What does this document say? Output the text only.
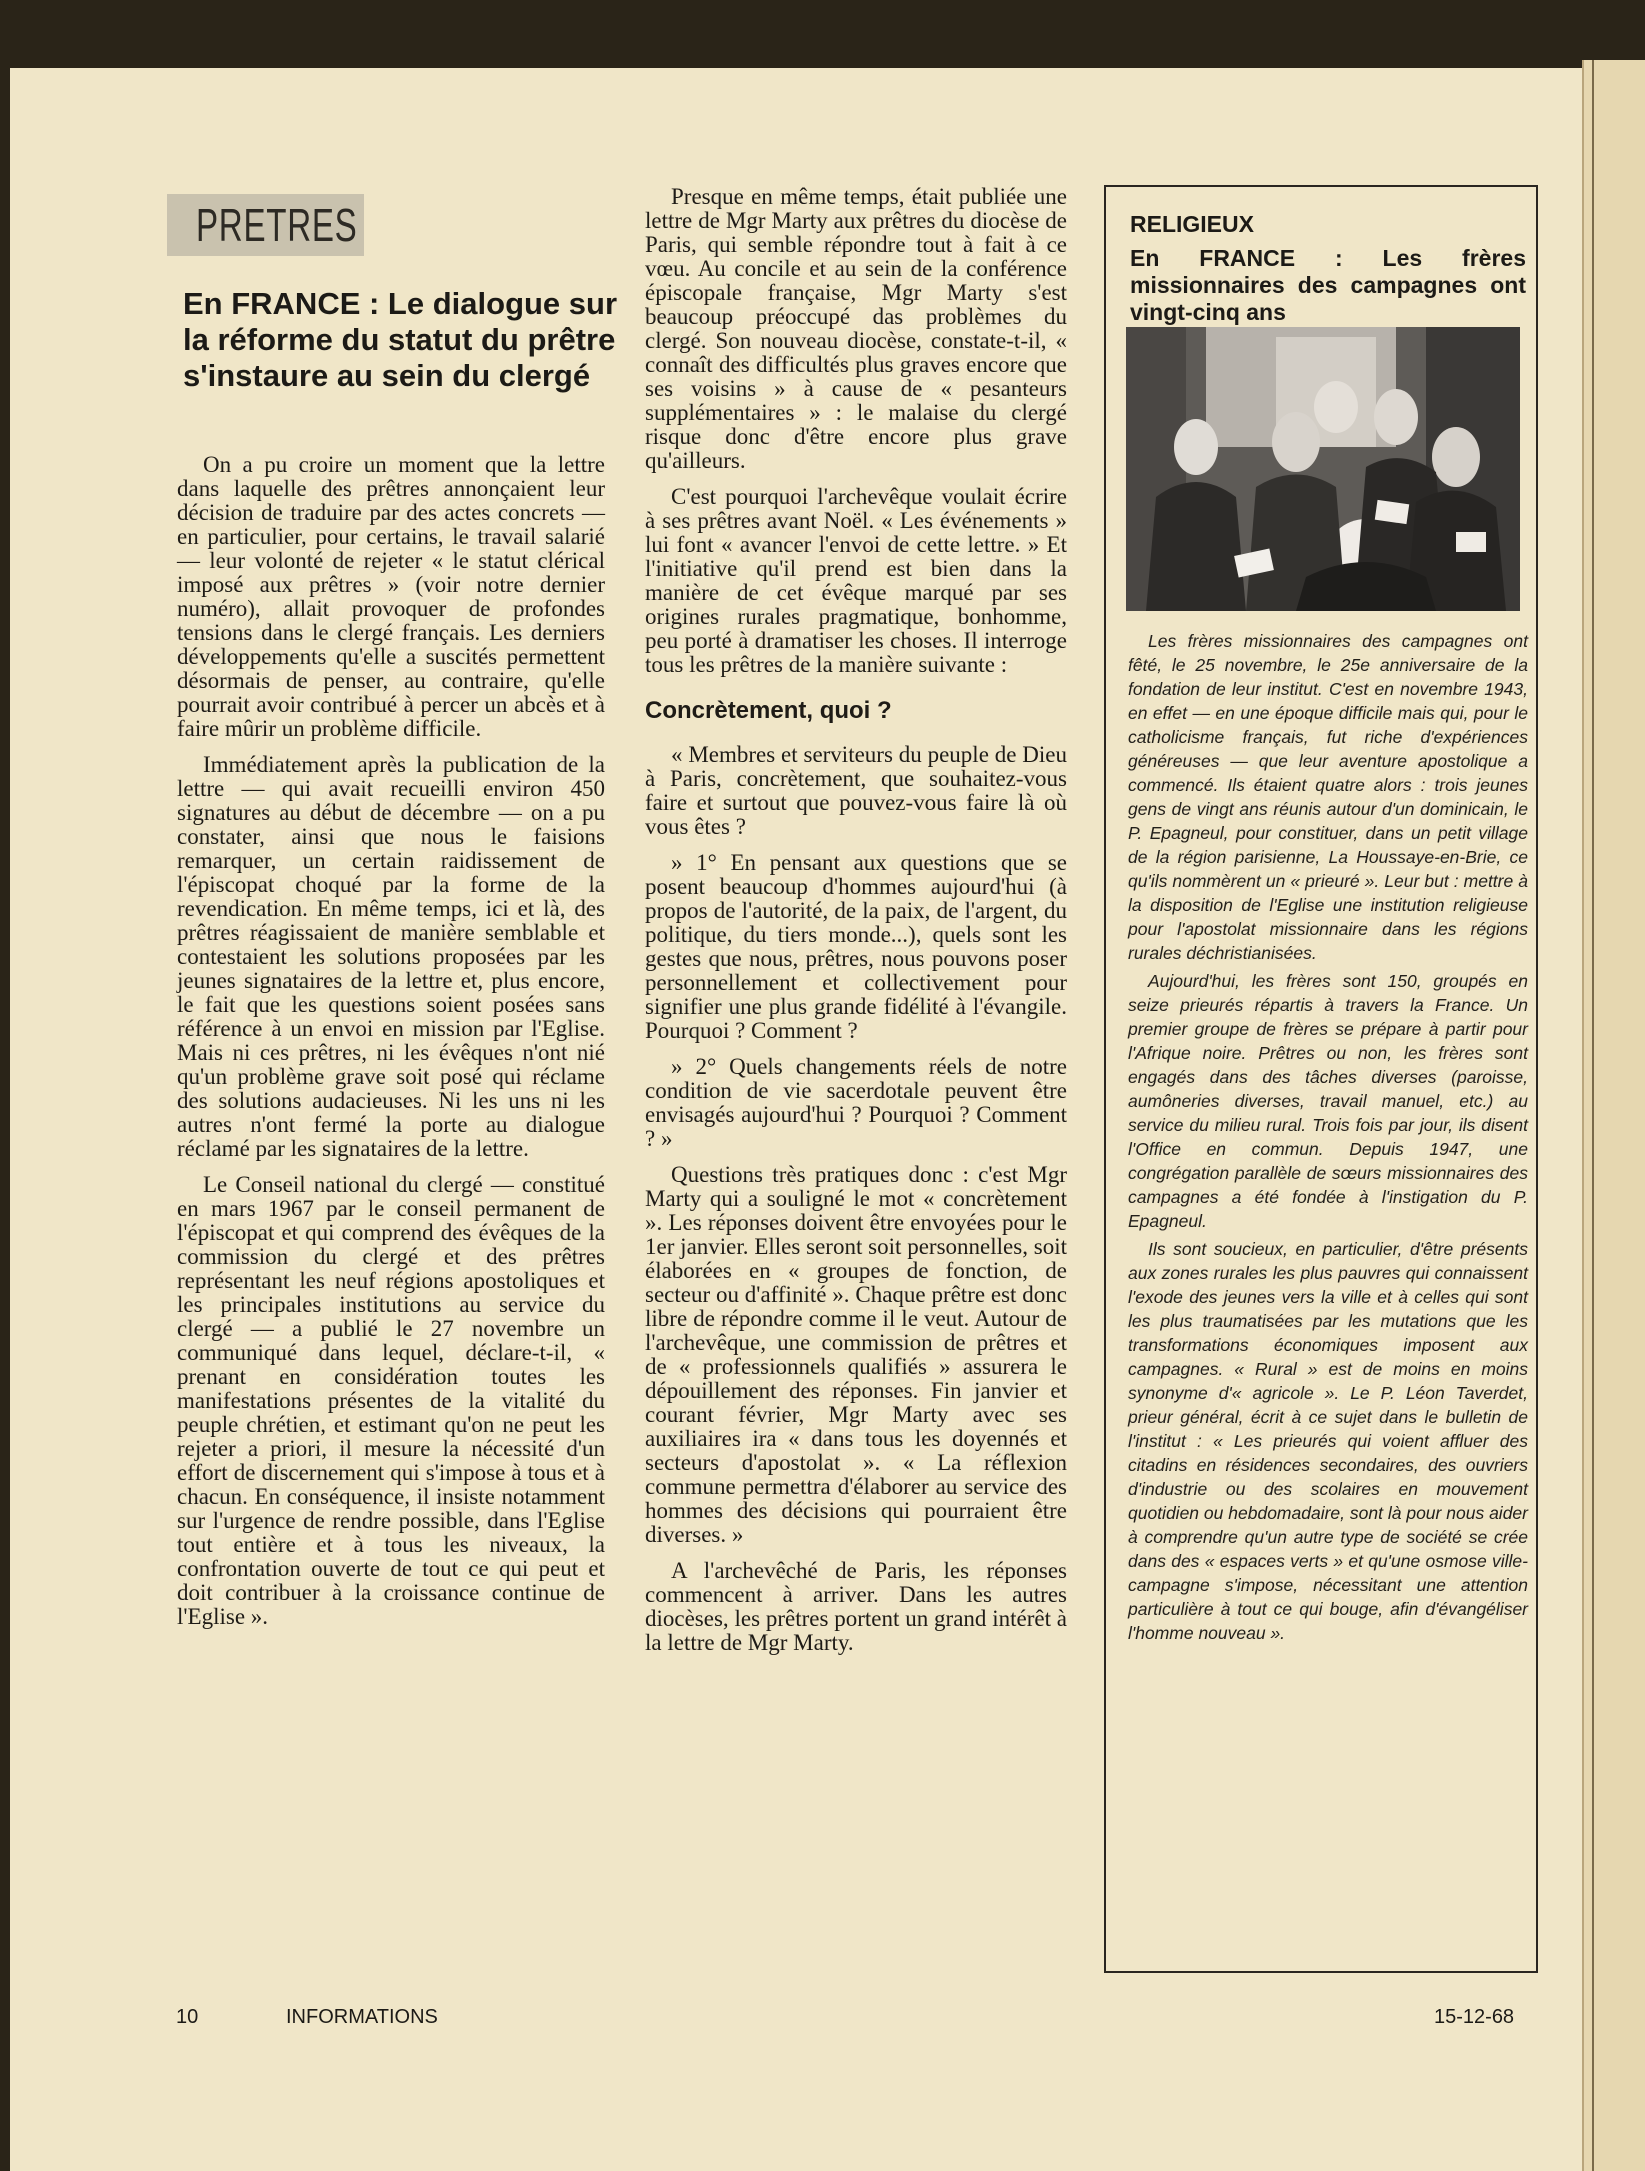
PRETRES
En FRANCE : Le dialogue sur la réforme du statut du prêtre s'instaure au sein du clergé

On a pu croire un moment que la lettre dans laquelle des prêtres annonçaient leur décision de traduire par des actes concrets — en particulier, pour certains, le travail salarié — leur volonté de rejeter « le statut clérical imposé aux prêtres » (voir notre dernier numéro), allait provoquer de profondes tensions dans le clergé français. Les derniers développements qu'elle a suscités permettent désormais de penser, au contraire, qu'elle pourrait avoir contribué à percer un abcès et à faire mûrir un problème difficile.

Immédiatement après la publication de la lettre — qui avait recueilli environ 450 signatures au début de décembre — on a pu constater, ainsi que nous le faisions remarquer, un certain raidissement de l'épiscopat choqué par la forme de la revendication. En même temps, ici et là, des prêtres réagissaient de manière semblable et contestaient les solutions proposées par les jeunes signataires de la lettre et, plus encore, le fait que les questions soient posées sans référence à un envoi en mission par l'Eglise. Mais ni ces prêtres, ni les évêques n'ont nié qu'un problème grave soit posé qui réclame des solutions audacieuses. Ni les uns ni les autres n'ont fermé la porte au dialogue réclamé par les signataires de la lettre.

Le Conseil national du clergé — constitué en mars 1967 par le conseil permanent de l'épiscopat et qui comprend des évêques de la commission du clergé et des prêtres représentant les neuf régions apostoliques et les principales institutions au service du clergé — a publié le 27 novembre un communiqué dans lequel, déclare-t-il, « prenant en considération toutes les manifestations présentes de la vitalité du peuple chrétien, et estimant qu'on ne peut les rejeter a priori, il mesure la nécessité d'un effort de discernement qui s'impose à tous et à chacun. En conséquence, il insiste notamment sur l'urgence de rendre possible, dans l'Eglise tout entière et à tous les niveaux, la confrontation ouverte de tout ce qui peut et doit contribuer à la croissance continue de l'Eglise ».

Presque en même temps, était publiée une lettre de Mgr Marty aux prêtres du diocèse de Paris, qui semble répondre tout à fait à ce vœu. Au concile et au sein de la conférence épiscopale française, Mgr Marty s'est beaucoup préoccupé das problèmes du clergé. Son nouveau diocèse, constate-t-il, « connaît des difficultés plus graves encore que ses voisins » à cause de « pesanteurs supplémentaires » : le malaise du clergé risque donc d'être encore plus grave qu'ailleurs.

C'est pourquoi l'archevêque voulait écrire à ses prêtres avant Noël. « Les événements » lui font « avancer l'envoi de cette lettre. » Et l'initiative qu'il prend est bien dans la manière de cet évêque marqué par ses origines rurales pragmatique, bonhomme, peu porté à dramatiser les choses. Il interroge tous les prêtres de la manière suivante :

Concrètement, quoi ?

« Membres et serviteurs du peuple de Dieu à Paris, concrètement, que souhaitez-vous faire et surtout que pouvez-vous faire là où vous êtes ?

» 1° En pensant aux questions que se posent beaucoup d'hommes aujourd'hui (à propos de l'autorité, de la paix, de l'argent, du politique, du tiers monde...), quels sont les gestes que nous, prêtres, nous pouvons poser personnellement et collectivement pour signifier une plus grande fidélité à l'évangile. Pourquoi ? Comment ?

» 2° Quels changements réels de notre condition de vie sacerdotale peuvent être envisagés aujourd'hui ? Pourquoi ? Comment ? »

Questions très pratiques donc : c'est Mgr Marty qui a souligné le mot « concrètement ». Les réponses doivent être envoyées pour le 1er janvier. Elles seront soit personnelles, soit élaborées en « groupes de fonction, de secteur ou d'affinité ». Chaque prêtre est donc libre de répondre comme il le veut. Autour de l'archevêque, une commission de prêtres et de « professionnels qualifiés » assurera le dépouillement des réponses. Fin janvier et courant février, Mgr Marty avec ses auxiliaires ira « dans tous les doyennés et secteurs d'apostolat ». « La réflexion commune permettra d'élaborer au service des hommes des décisions qui pourraient être diverses. »

A l'archevêché de Paris, les réponses commencent à arriver. Dans les autres diocèses, les prêtres portent un grand intérêt à la lettre de Mgr Marty.

RELIGIEUX
En FRANCE : Les frères missionnaires des campagnes ont vingt-cinq ans

Les frères missionnaires des campagnes ont fêté, le 25 novembre, le 25e anniversaire de la fondation de leur institut. C'est en novembre 1943, en effet — en une époque difficile mais qui, pour le catholicisme français, fut riche d'expériences généreuses — que leur aventure apostolique a commencé. Ils étaient quatre alors : trois jeunes gens de vingt ans réunis autour d'un dominicain, le P. Epagneul, pour constituer, dans un petit village de la région parisienne, La Houssaye-en-Brie, ce qu'ils nommèrent un « prieuré ». Leur but : mettre à la disposition de l'Eglise une institution religieuse pour l'apostolat missionnaire dans les régions rurales déchristianisées.

Aujourd'hui, les frères sont 150, groupés en seize prieurés répartis à travers la France. Un premier groupe de frères se prépare à partir pour l'Afrique noire. Prêtres ou non, les frères sont engagés dans des tâches diverses (paroisse, aumôneries diverses, travail manuel, etc.) au service du milieu rural. Trois fois par jour, ils disent l'Office en commun. Depuis 1947, une congrégation parallèle de sœurs missionnaires des campagnes a été fondée à l'instigation du P. Epagneul.

Ils sont soucieux, en particulier, d'être présents aux zones rurales les plus pauvres qui connaissent l'exode des jeunes vers la ville et à celles qui sont les plus traumatisées par les mutations que les transformations économiques imposent aux campagnes. « Rural » est de moins en moins synonyme d'« agricole ». Le P. Léon Taverdet, prieur général, écrit à ce sujet dans le bulletin de l'institut : « Les prieurés qui voient affluer des citadins en résidences secondaires, des ouvriers d'industrie ou des scolaires en mouvement quotidien ou hebdomadaire, sont là pour nous aider à comprendre qu'un autre type de société se crée dans des « espaces verts » et qu'une osmose ville-campagne s'impose, nécessitant une attention particulière à tout ce qui bouge, afin d'évangéliser l'homme nouveau ».

10	INFORMATIONS	15-12-68
